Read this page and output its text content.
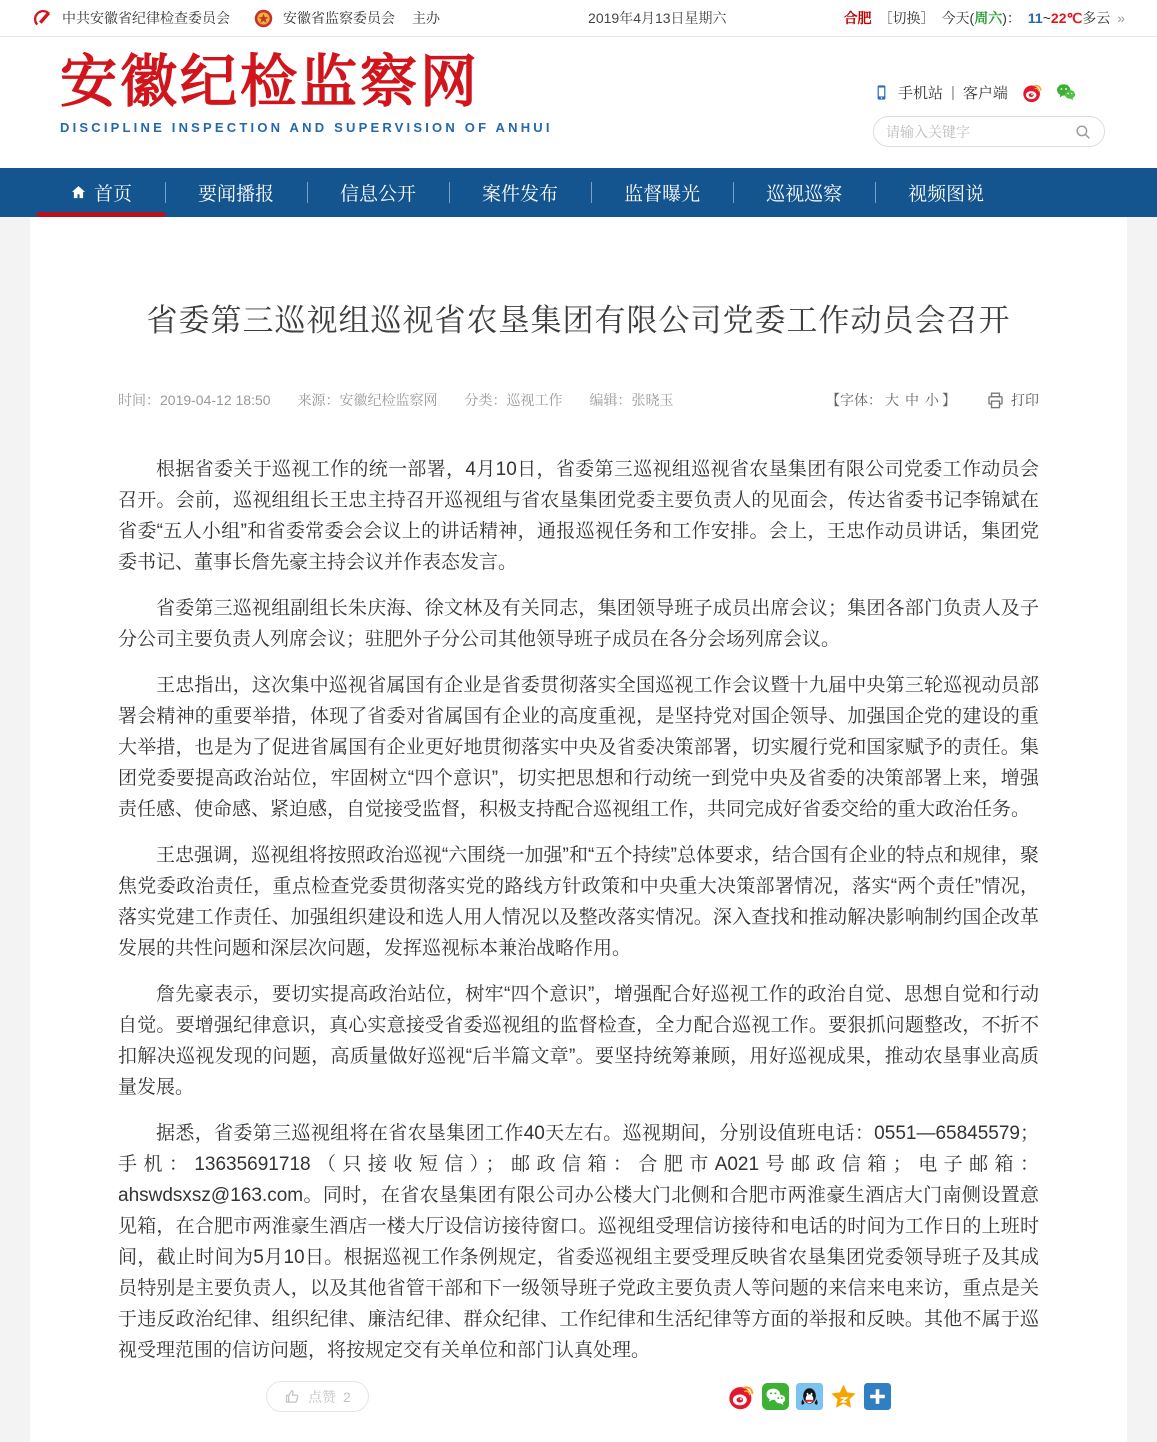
中共安徽省纪律检查委员会	安徽省监察委员会 主办	2019年4月13日星期六	合肥 ［切换］ 今天(周六)： 11~22℃多云 »
安徽纪检监察网
DISCIPLINE INSPECTION AND SUPERVISION OF ANHUI
手机站 | 客户端
请输入关键字
首页	要闻播报	信息公开	案件发布	监督曝光	巡视巡察	视频图说
省委第三巡视组巡视省农垦集团有限公司党委工作动员会召开
时间：2019-04-12 18:50 来源：安徽纪检监察网 分类：巡视工作 编辑：张晓玉	【字体： 大 中 小 】	打印

根据省委关于巡视工作的统一部署，4月10日，省委第三巡视组巡视省农垦集团有限公司党委工作动员会召开。会前，巡视组组长王忠主持召开巡视组与省农垦集团党委主要负责人的见面会，传达省委书记李锦斌在省委“五人小组”和省委常委会会议上的讲话精神，通报巡视任务和工作安排。会上，王忠作动员讲话，集团党委书记、董事长詹先豪主持会议并作表态发言。

省委第三巡视组副组长朱庆海、徐文林及有关同志，集团领导班子成员出席会议；集团各部门负责人及子分公司主要负责人列席会议；驻肥外子分公司其他领导班子成员在各分会场列席会议。

王忠指出，这次集中巡视省属国有企业是省委贯彻落实全国巡视工作会议暨十九届中央第三轮巡视动员部署会精神的重要举措，体现了省委对省属国有企业的高度重视，是坚持党对国企领导、加强国企党的建设的重大举措，也是为了促进省属国有企业更好地贯彻落实中央及省委决策部署，切实履行党和国家赋予的责任。集团党委要提高政治站位，牢固树立“四个意识”，切实把思想和行动统一到党中央及省委的决策部署上来，增强责任感、使命感、紧迫感，自觉接受监督，积极支持配合巡视组工作，共同完成好省委交给的重大政治任务。

王忠强调，巡视组将按照政治巡视“六围绕一加强”和“五个持续”总体要求，结合国有企业的特点和规律，聚焦党委政治责任，重点检查党委贯彻落实党的路线方针政策和中央重大决策部署情况，落实“两个责任”情况，落实党建工作责任、加强组织建设和选人用人情况以及整改落实情况。深入查找和推动解决影响制约国企改革发展的共性问题和深层次问题，发挥巡视标本兼治战略作用。

詹先豪表示，要切实提高政治站位，树牢“四个意识”，增强配合好巡视工作的政治自觉、思想自觉和行动自觉。要增强纪律意识，真心实意接受省委巡视组的监督检查，全力配合巡视工作。要狠抓问题整改，不折不扣解决巡视发现的问题，高质量做好巡视“后半篇文章”。要坚持统筹兼顾，用好巡视成果，推动农垦事业高质量发展。

据悉，省委第三巡视组将在省农垦集团工作40天左右。巡视期间，分别设值班电话：0551—65845579；手机：13635691718（只接收短信）；邮政信箱：合肥市A021号邮政信箱；电子邮箱：ahswdsxsz@163.com。同时，在省农垦集团有限公司办公楼大门北侧和合肥市两淮豪生酒店大门南侧设置意见箱，在合肥市两淮豪生酒店一楼大厅设信访接待窗口。巡视组受理信访接待和电话的时间为工作日的上班时间，截止时间为5月10日。根据巡视工作条例规定，省委巡视组主要受理反映省农垦集团党委领导班子及其成员特别是主要负责人，以及其他省管干部和下一级领导班子党政主要负责人等问题的来信来电来访，重点是关于违反政治纪律、组织纪律、廉洁纪律、群众纪律、工作纪律和生活纪律等方面的举报和反映。其他不属于巡视受理范围的信访问题，将按规定交有关单位和部门认真处理。

点赞 2
